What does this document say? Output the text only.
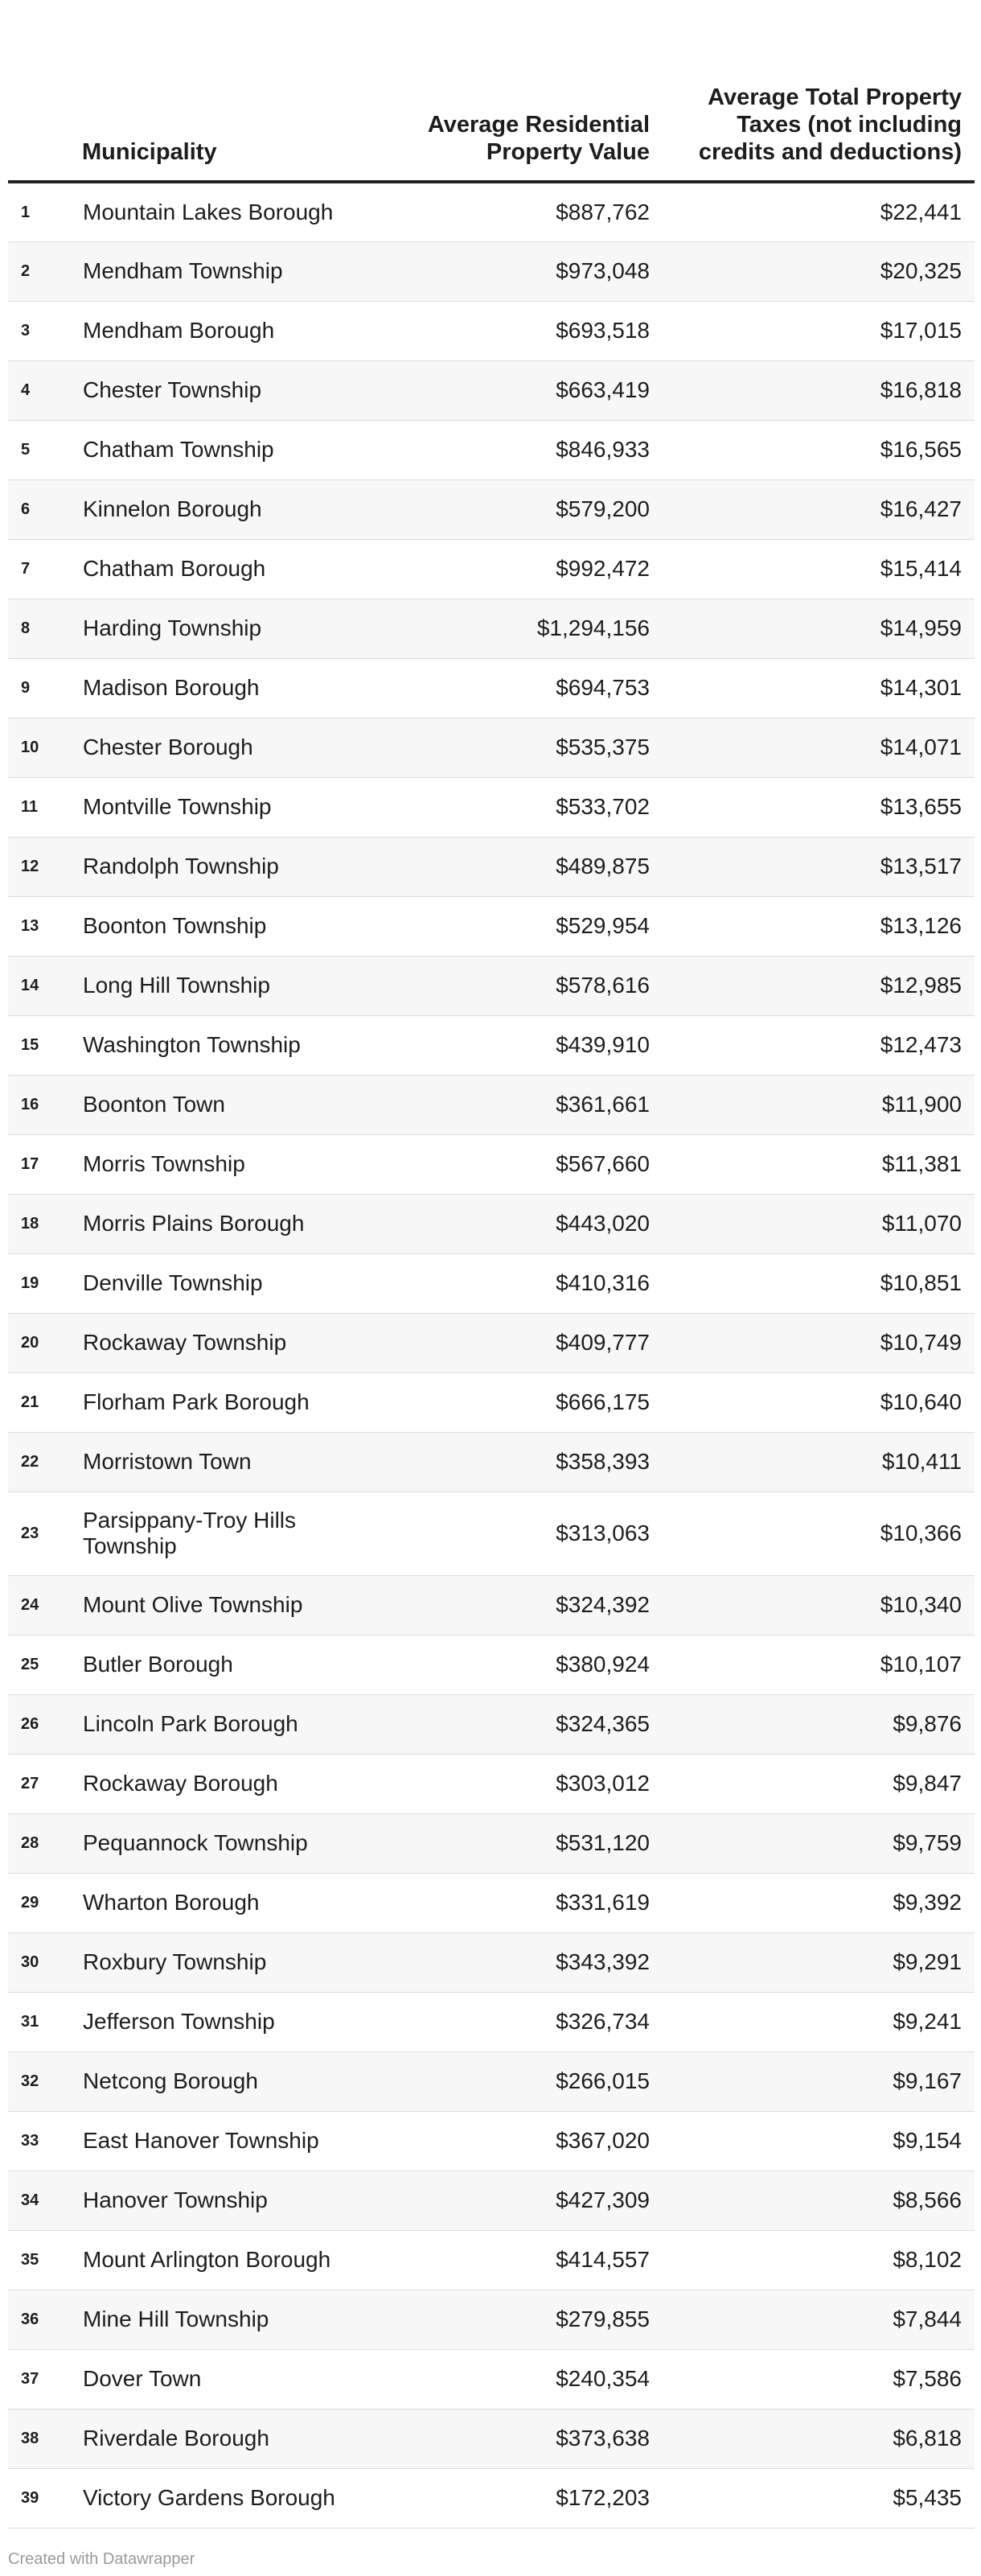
	Municipality	Average Residential Property Value	Average Total Property Taxes (not including credits and deductions)
1	Mountain Lakes Borough	$887,762	$22,441
2	Mendham Township	$973,048	$20,325
3	Mendham Borough	$693,518	$17,015
4	Chester Township	$663,419	$16,818
5	Chatham Township	$846,933	$16,565
6	Kinnelon Borough	$579,200	$16,427
7	Chatham Borough	$992,472	$15,414
8	Harding Township	$1,294,156	$14,959
9	Madison Borough	$694,753	$14,301
10	Chester Borough	$535,375	$14,071
11	Montville Township	$533,702	$13,655
12	Randolph Township	$489,875	$13,517
13	Boonton Township	$529,954	$13,126
14	Long Hill Township	$578,616	$12,985
15	Washington Township	$439,910	$12,473
16	Boonton Town	$361,661	$11,900
17	Morris Township	$567,660	$11,381
18	Morris Plains Borough	$443,020	$11,070
19	Denville Township	$410,316	$10,851
20	Rockaway Township	$409,777	$10,749
21	Florham Park Borough	$666,175	$10,640
22	Morristown Town	$358,393	$10,411
23	Parsippany-Troy Hills Township	$313,063	$10,366
24	Mount Olive Township	$324,392	$10,340
25	Butler Borough	$380,924	$10,107
26	Lincoln Park Borough	$324,365	$9,876
27	Rockaway Borough	$303,012	$9,847
28	Pequannock Township	$531,120	$9,759
29	Wharton Borough	$331,619	$9,392
30	Roxbury Township	$343,392	$9,291
31	Jefferson Township	$326,734	$9,241
32	Netcong Borough	$266,015	$9,167
33	East Hanover Township	$367,020	$9,154
34	Hanover Township	$427,309	$8,566
35	Mount Arlington Borough	$414,557	$8,102
36	Mine Hill Township	$279,855	$7,844
37	Dover Town	$240,354	$7,586
38	Riverdale Borough	$373,638	$6,818
39	Victory Gardens Borough	$172,203	$5,435
Created with Datawrapper
